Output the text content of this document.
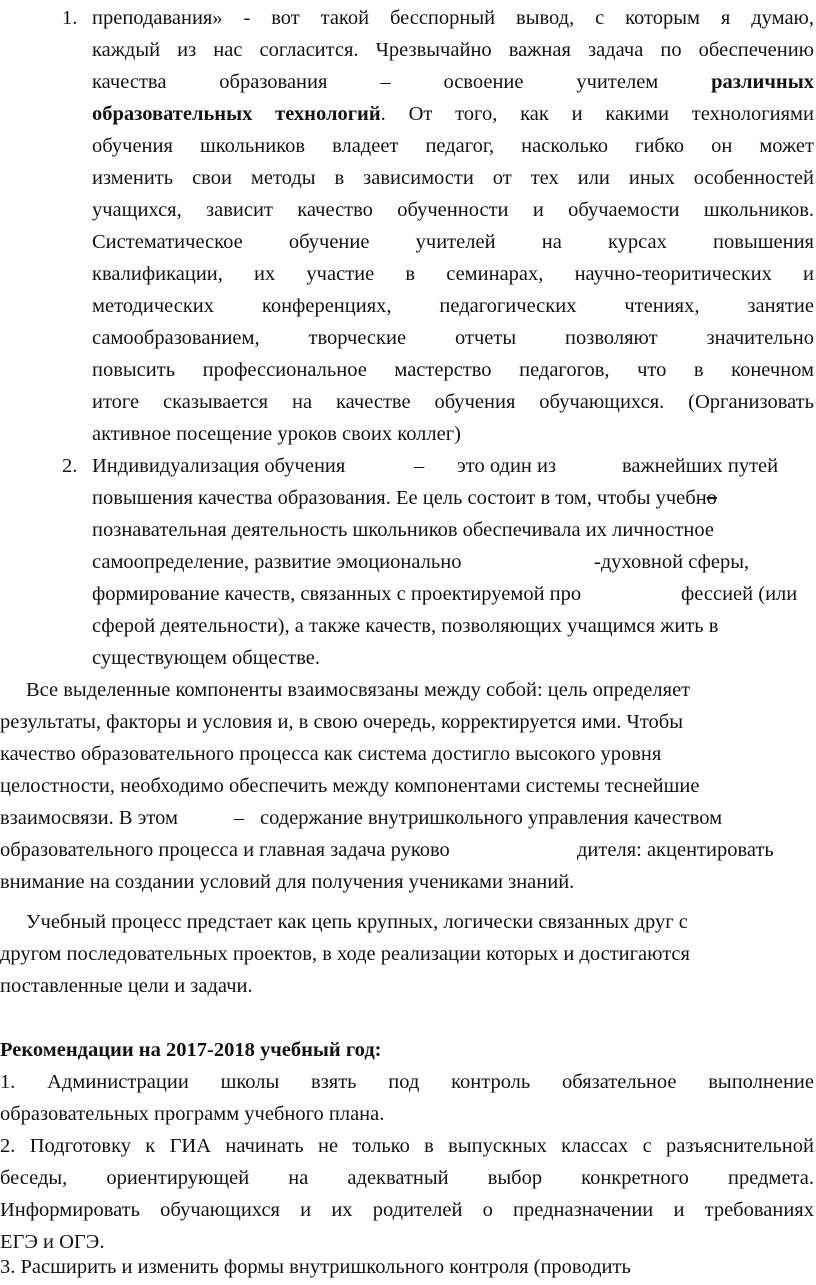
1. преподавания» - вот такой бесспорный вывод, с которым я думаю,
каждый из нас согласится. Чрезвычайно важная задача по обеспечению
качества образования – освоение учителем различных
образовательных технологий. От того, как и какими технологиями
обучения школьников владеет педагог, насколько гибко он может
изменить свои методы в зависимости от тех или иных особенностей
учащихся, зависит качество обученности и обучаемости школьников.
Систематическое обучение учителей на курсах повышения
квалификации, их участие в семинарах, научно-теоритических и
методических конференциях, педагогических чтениях, занятие
самообразованием, творческие отчеты позволяют значительно
повысить профессиональное мастерство педагогов, что в конечном
итоге сказывается на качестве обучения обучающихся. (Организовать
активное посещение уроков своих коллег)
2. Индивидуализация обучения	– это один из	важнейших путей
повышения качества образования. Ее цель состоит в том, чтобы учебно
познавательная деятельность школьников обеспечивала их личностное
самоопределение, развитие эмоционально	-духовной сферы,
формирование качеств, связанных с проектируемой про	фессией (или
сферой деятельности), а также качеств, позволяющих учащимся жить в
существующем обществе.
Все выделенные компоненты взаимосвязаны между собой: цель определяет
результаты, факторы и условия и, в свою очередь, корректируется ими. Чтобы
качество образовательного процесса как система достигло высокого уровня
целостности, необходимо обеспечить между компонентами системы теснейшие
взаимосвязи. В этом	– содержание внутришкольного управления качеством
образовательного процесса и главная задача руково	дителя: акцентировать
внимание на создании условий для получения учениками знаний.
Учебный процесс предстает как цепь крупных, логически связанных друг с
другом последовательных проектов, в ходе реализации которых и достигаются
поставленные цели и задачи.
Рекомендации на 2017-2018 учебный год:
1. Администрации школы взять под контроль обязательное выполнение
образовательных программ учебного плана.
2. Подготовку к ГИА начинать не только в выпускных классах с разъяснительной
беседы, ориентирующей на адекватный выбор конкретного предмета.
Информировать обучающихся и их родителей о предназначении и требованиях
ЕГЭ и ОГЭ.
3. Расширить и изменить формы внутришкольного контроля (проводить
